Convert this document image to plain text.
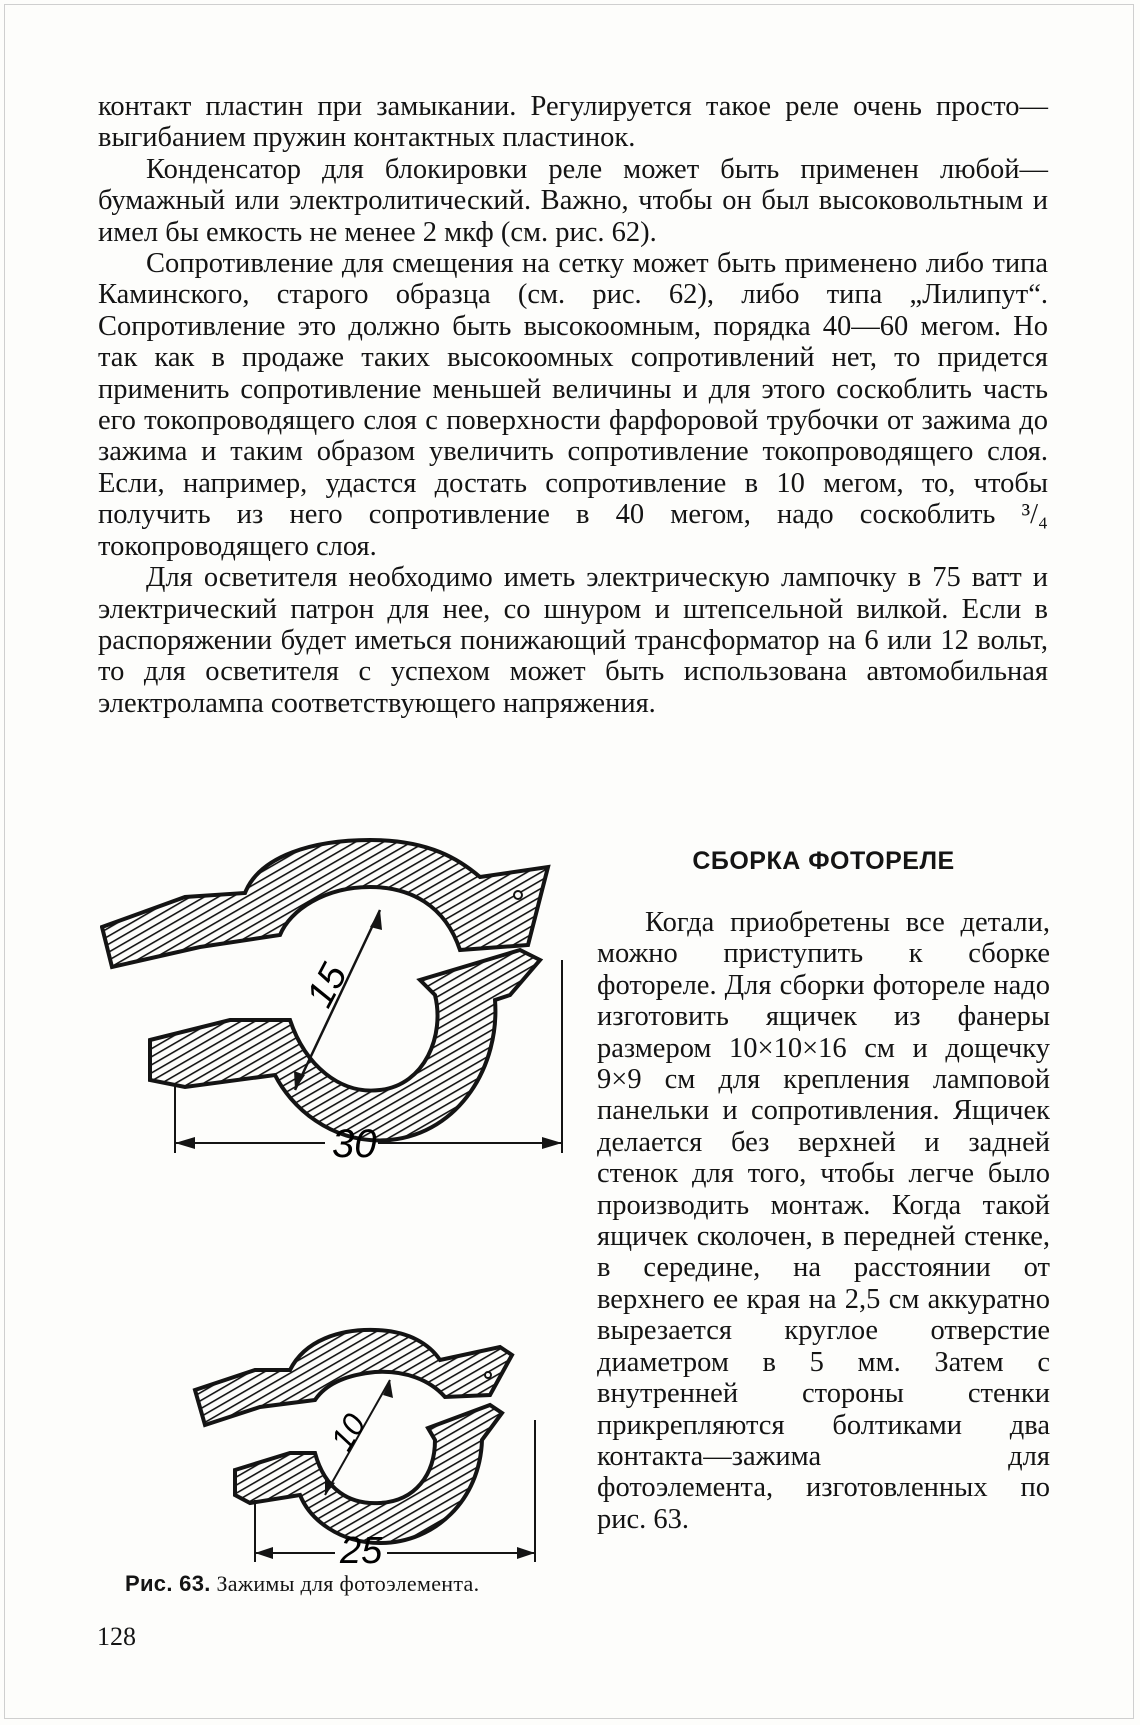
контакт пластин при замыкании. Регулируется такое реле очень просто—выгибанием пружин контактных пластинок.

Конденсатор для блокировки реле может быть применен любой—бумажный или электролитический. Важно, чтобы он был высоковольтным и имел бы емкость не менее 2 мкф (см. рис. 62).

Сопротивление для смещения на сетку может быть применено либо типа Каминского, старого образца (см. рис. 62), либо типа „Лилипут“. Сопротивление это должно быть высокоомным, порядка 40—60 мегом. Но так как в продаже таких высокоомных сопротивлений нет, то придется применить сопротивление меньшей величины и для этого соскоблить часть его токопроводящего слоя с поверхности фарфоровой трубочки от зажима до зажима и таким образом увеличить сопротивление токопроводящего слоя. Если, например, удастся достать сопротивление в 10 мегом, то, чтобы получить из него сопротивление в 40 мегом, надо соскоблить ³/₄ токопроводящего слоя.

Для осветителя необходимо иметь электрическую лампочку в 75 ватт и электрический патрон для нее, со шнуром и штепсельной вилкой. Если в распоряжении будет иметься понижающий трансформатор на 6 или 12 вольт, то для осветителя с успехом может быть использована автомобильная электролампа соответствующего напряжения.

СБОРКА ФОТОРЕЛЕ

Когда приобретены все детали, можно приступить к сборке фотореле. Для сборки фотореле надо изготовить ящичек из фанеры размером 10×10×16 см и дощечку 9×9 см для крепления ламповой панельки и сопротивления. Ящичек делается без верхней и задней стенок для того, чтобы легче было производить монтаж. Когда такой ящичек сколочен, в передней стенке, в середине, на расстоянии от верхнего ее края на 2,5 см аккуратно вырезается круглое отверстие диаметром в 5 мм. Затем с внутренней стороны стенки прикрепляются болтиками два контакта—зажима для фотоэлемента, изготовленных по рис. 63.

15
30
10
25
Рис. 63. Зажимы для фотоэлемента.
128
